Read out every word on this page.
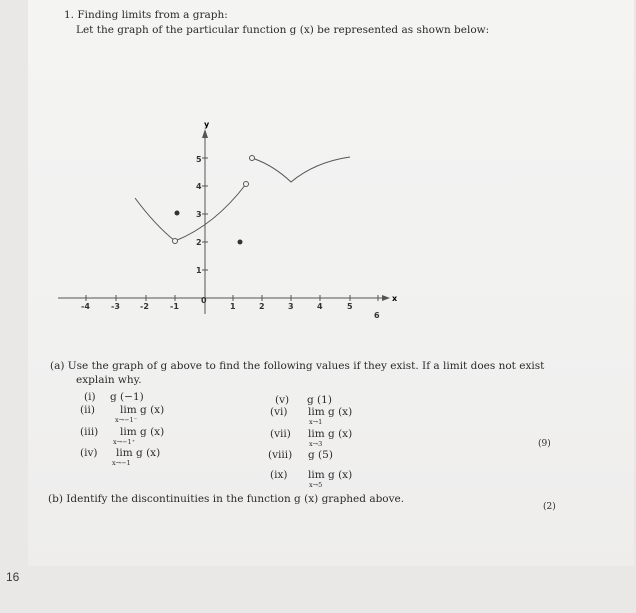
1. Finding limits from a graph:
Let the graph of the particular function g (x) be represented as shown below:
y
x
-4	-3	-2	-1
0
1	2	3	4	5
6
1
2
3
4
5
(a) Use the graph of g above to find the following values if they exist. If a limit does not exist
explain why.
(i) g (−1)
(ii) lim g (x)
x→−1⁻
(iii) lim g (x)
x→−1⁺
(iv) lim g (x)
x→−1
(v) g (1)
(vi) lim g (x)
x→1
(vii) lim g (x)
x→3
(viii) g (5)
(ix) lim g (x)
x→5
(9)
(b) Identify the discontinuities in the function g (x) graphed above.
(2)
16
